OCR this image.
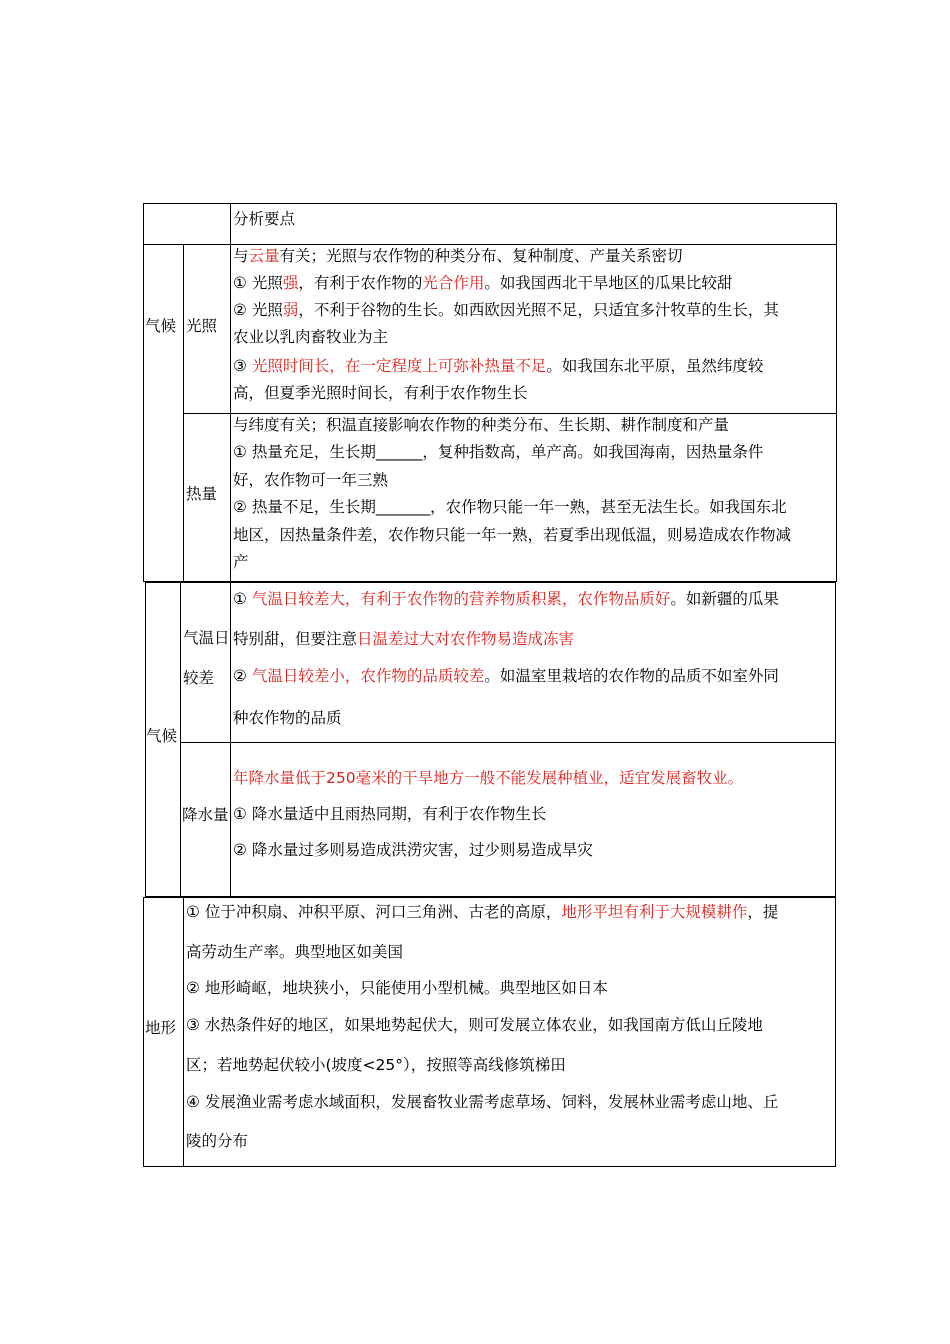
分析要点
气候 光照
热量
与云量有关；光照与农作物的种类分布、复种制度、产量关系密切
① 光照强，有利于农作物的光合作用。如我国西北干旱地区的瓜果比较甜
② 光照弱，不利于谷物的生长。如西欧因光照不足，只适宜多汁牧草的生长，其
农业以乳肉畜牧业为主
③ 光照时间长，在一定程度上可弥补热量不足。如我国东北平原，虽然纬度较
高，但夏季光照时间长，有利于农作物生长
与纬度有关；积温直接影响农作物的种类分布、生长期、耕作制度和产量
① 热量充足，生长期______，复种指数高，单产高。如我国海南，因热量条件
好，农作物可一年三熟
② 热量不足，生长期_______，农作物只能一年一熟，甚至无法生长。如我国东北
地区，因热量条件差，农作物只能一年一熟，若夏季出现低温，则易造成农作物减
产
气候
气温日
较差
降水量
① 气温日较差大，有利于农作物的营养物质积累，农作物品质好。如新疆的瓜果
特别甜，但要注意日温差过大对农作物易造成冻害
② 气温日较差小，农作物的品质较差。如温室里栽培的农作物的品质不如室外同
种农作物的品质
年降水量低于250毫米的干旱地方一般不能发展种植业，适宜发展畜牧业。
① 降水量适中且雨热同期，有利于农作物生长
② 降水量过多则易造成洪涝灾害，过少则易造成旱灾
地形
① 位于冲积扇、冲积平原、河口三角洲、古老的高原，地形平坦有利于大规模耕作，提
高劳动生产率。典型地区如美国
② 地形崎岖，地块狭小，只能使用小型机械。典型地区如日本
③ 水热条件好的地区，如果地势起伏大，则可发展立体农业，如我国南方低山丘陵地
区；若地势起伏较小(坡度<25°），按照等高线修筑梯田
④ 发展渔业需考虑水域面积，发展畜牧业需考虑草场、饲料，发展林业需考虑山地、丘
陵的分布
